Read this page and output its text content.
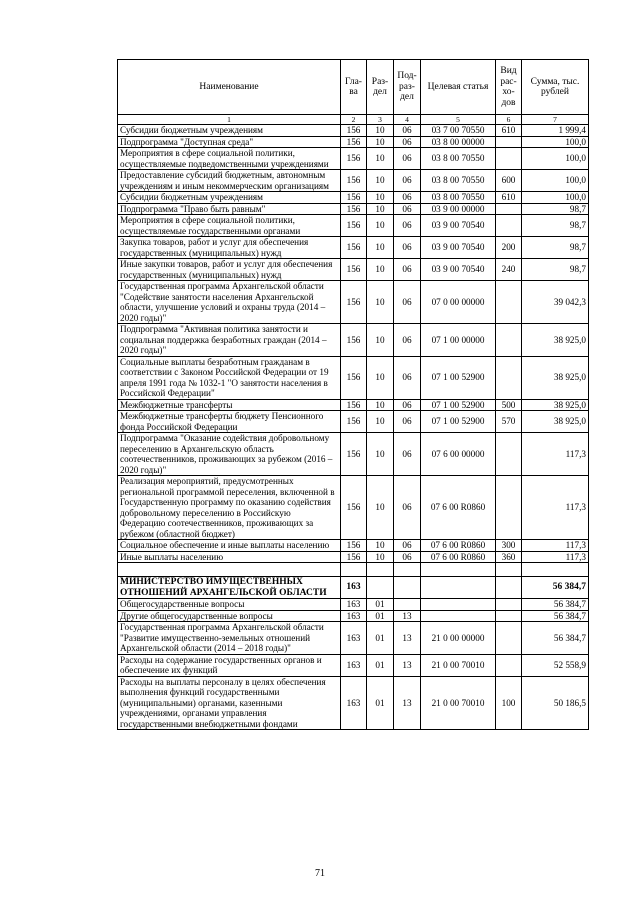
Наименование	Гла-ва	Раз-дел	Под-раз-дел	Целевая статья	Вид рас-хо-дов	Сумма, тыс. рублей
1	2	3	4	5	6	7
Субсидии бюджетным учреждениям	156	10	06	03 7 00 70550	610	1 999,4
Подпрограмма "Доступная среда"	156	10	06	03 8 00 00000		100,0
Мероприятия в сфере социальной политики, осуществляемые подведомственными учреждениями	156	10	06	03 8 00 70550		100,0
Предоставление субсидий бюджетным, автономным учреждениям и иным некоммерческим организациям	156	10	06	03 8 00 70550	600	100,0
Субсидии бюджетным учреждениям	156	10	06	03 8 00 70550	610	100,0
Подпрограмма "Право быть равным"	156	10	06	03 9 00 00000		98,7
Мероприятия в сфере социальной политики, осуществляемые государственными органами	156	10	06	03 9 00 70540		98,7
Закупка товаров, работ и услуг для обеспечения государственных (муниципальных) нужд	156	10	06	03 9 00 70540	200	98,7
Иные закупки товаров, работ и услуг для обеспечения государственных (муниципальных) нужд	156	10	06	03 9 00 70540	240	98,7
Государственная программа Архангельской области "Содействие занятости населения Архангельской области, улучшение условий и охраны труда (2014 – 2020 годы)"	156	10	06	07 0 00 00000		39 042,3
Подпрограмма "Активная политика занятости и социальная поддержка безработных граждан (2014 – 2020 годы)"	156	10	06	07 1 00 00000		38 925,0
Социальные выплаты безработным гражданам в соответствии с Законом Российской Федерации от 19 апреля 1991 года № 1032-1 "О занятости населения в Российской Федерации"	156	10	06	07 1 00 52900		38 925,0
Межбюджетные трансферты	156	10	06	07 1 00 52900	500	38 925,0
Межбюджетные трансферты бюджету Пенсионного фонда Российской Федерации	156	10	06	07 1 00 52900	570	38 925,0
Подпрограмма "Оказание содействия добровольному переселению в Архангельскую область соотечественников, проживающих за рубежом (2016 – 2020 годы)"	156	10	06	07 6 00 00000		117,3
Реализация мероприятий, предусмотренных региональной программой переселения, включенной в Государственную программу по оказанию содействия добровольному переселению в Российскую Федерацию соотечественников, проживающих за рубежом (областной бюджет)	156	10	06	07 6 00 R0860		117,3
Социальное обеспечение и иные выплаты населению	156	10	06	07 6 00 R0860	300	117,3
Иные выплаты населению	156	10	06	07 6 00 R0860	360	117,3

МИНИСТЕРСТВО ИМУЩЕСТВЕННЫХ ОТНОШЕНИЙ АРХАНГЕЛЬСКОЙ ОБЛАСТИ	163					56 384,7
Общегосударственные вопросы	163	01				56 384,7
Другие общегосударственные вопросы	163	01	13			56 384,7
Государственная программа Архангельской области "Развитие имущественно-земельных отношений Архангельской области (2014 – 2018 годы)"	163	01	13	21 0 00 00000		56 384,7
Расходы на содержание государственных органов и обеспечение их функций	163	01	13	21 0 00 70010		52 558,9
Расходы на выплаты персоналу в целях обеспечения выполнения функций государственными (муниципальными) органами, казенными учреждениями, органами управления государственными внебюджетными фондами	163	01	13	21 0 00 70010	100	50 186,5
71
